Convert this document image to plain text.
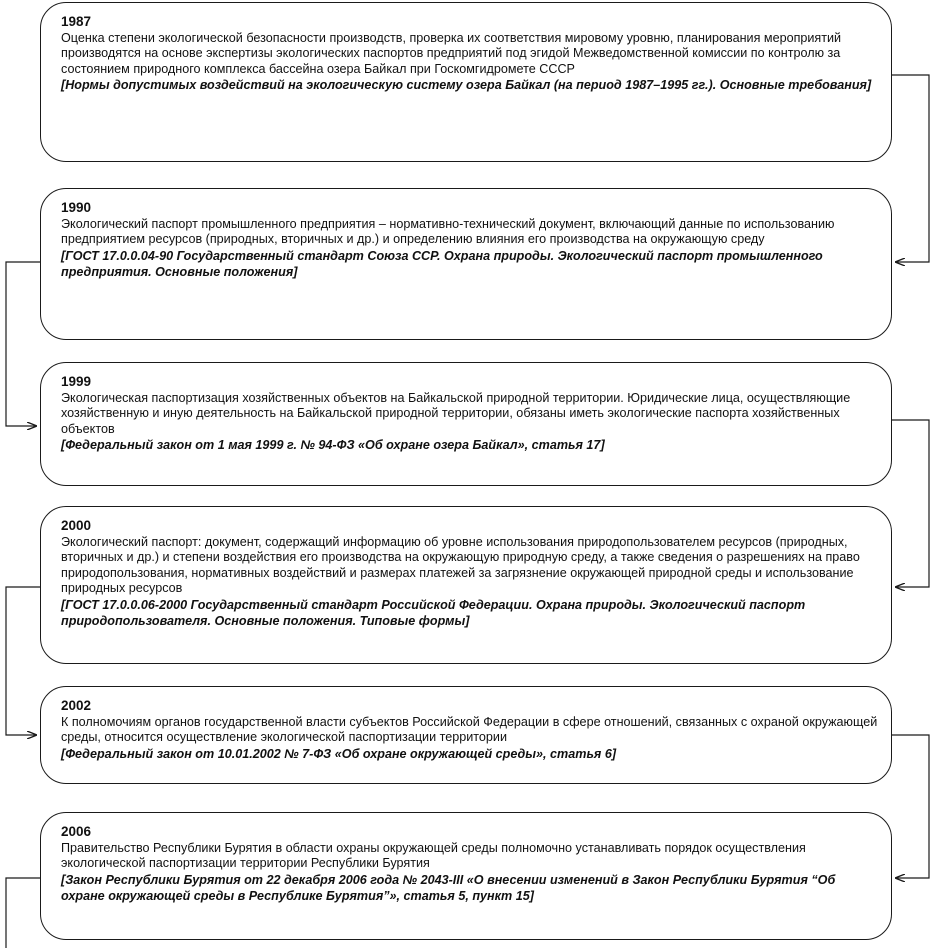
1987
Оценка степени экологической безопасности производств, проверка их соответствия мировому уровню, планирования мероприятий производятся на основе экспертизы экологических паспортов предприятий под эгидой Межведомственной комиссии по контролю за состоянием природного комплекса бассейна озера Байкал при Госкомгидромете СССР
[Нормы допустимых воздействий на экологическую систему озера Байкал (на период 1987–1995 гг.). Основные требования]
1990
Экологический паспорт промышленного предприятия – нормативно-технический документ, включающий данные по использованию предприятием ресурсов (природных, вторичных и др.) и определению влияния его производства на окружающую среду
[ГОСТ 17.0.0.04-90 Государственный стандарт Союза ССР. Охрана природы. Экологический паспорт промышленного предприятия. Основные положения]
1999
Экологическая паспортизация хозяйственных объектов на Байкальской природной территории. Юридические лица, осуществляющие хозяйственную и иную деятельность на Байкальской природной территории, обязаны иметь экологические паспорта хозяйственных объектов
[Федеральный закон от 1 мая 1999 г. № 94-ФЗ «Об охране озера Байкал», статья 17]
2000
Экологический паспорт: документ, содержащий информацию об уровне использования природопользователем ресурсов (природных, вторичных и др.) и степени воздействия его производства на окружающую природную среду, а также сведения о разрешениях на право природопользования, нормативных воздействий и размерах платежей за загрязнение окружающей природной среды и использование природных ресурсов
[ГОСТ 17.0.0.06-2000 Государственный стандарт Российской Федерации. Охрана природы. Экологический паспорт природопользователя. Основные положения. Типовые формы]
2002
К полномочиям органов государственной власти субъектов Российской Федерации в сфере отношений, связанных с охраной окружающей среды, относится осуществление экологической паспортизации территории
[Федеральный закон от 10.01.2002 № 7-ФЗ «Об охране окружающей среды», статья 6]
2006
Правительство Республики Бурятия в области охраны окружающей среды полномочно устанавливать порядок осуществления экологической паспортизации территории Республики Бурятия
[Закон Республики Бурятия от 22 декабря 2006 года № 2043-III «О внесении изменений в Закон Республики Бурятия “Об охране окружающей среды в Республике Бурятия”», статья 5, пункт 15]
